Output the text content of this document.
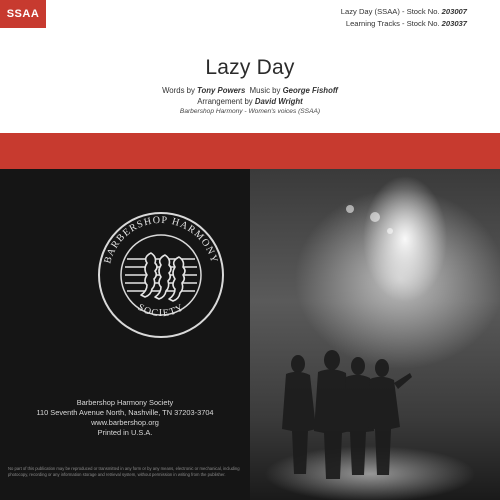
SSAA	Lazy Day (SSAA) - Stock No. 203007
Learning Tracks - Stock No. 203037
Lazy Day
Words by Tony Powers Music by George Fishoff
Arrangement by David Wright
Barbershop Harmony - Women's voices (SSAA)
BARBERSHOP HARMONY
SOCIETY
Barbershop Harmony Society
110 Seventh Avenue North, Nashville, TN 37203-3704
www.barbershop.org
Printed in U.S.A.
No part of this publication may be reproduced or transmitted in any form or by any means, electronic or mechanical, including photocopy, recording or any information storage and retrieval system, without permission in writing from the publisher.
